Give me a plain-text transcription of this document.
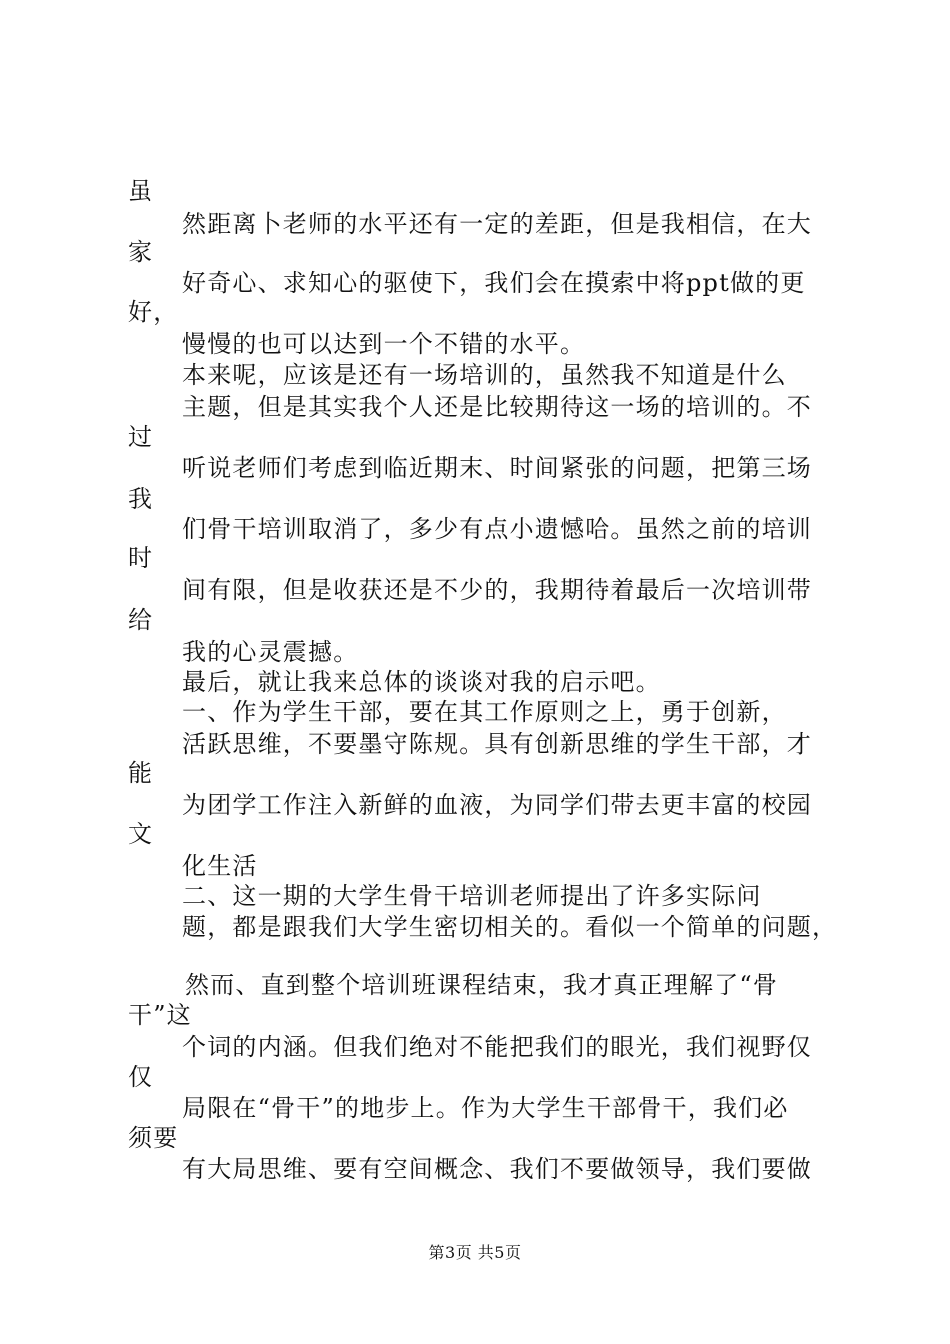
虽
然距离卜老师的水平还有一定的差距，但是我相信，在大
家
好奇心、求知心的驱使下，我们会在摸索中将ppt做的更
好，
慢慢的也可以达到一个不错的水平。
本来呢，应该是还有一场培训的，虽然我不知道是什么
主题，但是其实我个人还是比较期待这一场的培训的。不
过
听说老师们考虑到临近期末、时间紧张的问题，把第三场
我
们骨干培训取消了，多少有点小遗憾哈。虽然之前的培训
时
间有限，但是收获还是不少的，我期待着最后一次培训带
给
我的心灵震撼。
最后，就让我来总体的谈谈对我的启示吧。
一、作为学生干部，要在其工作原则之上，勇于创新，
活跃思维，不要墨守陈规。具有创新思维的学生干部，才
能
为团学工作注入新鲜的血液，为同学们带去更丰富的校园
文
化生活
二、这一期的大学生骨干培训老师提出了许多实际问
题，都是跟我们大学生密切相关的。看似一个简单的问题，
然而、直到整个培训班课程结束，我才真正理解了“骨
干”这
个词的内涵。但我们绝对不能把我们的眼光，我们视野仅
仅
局限在“骨干”的地步上。作为大学生干部骨干，我们必
须要
有大局思维、要有空间概念、我们不要做领导，我们要做
第3页 共5页
